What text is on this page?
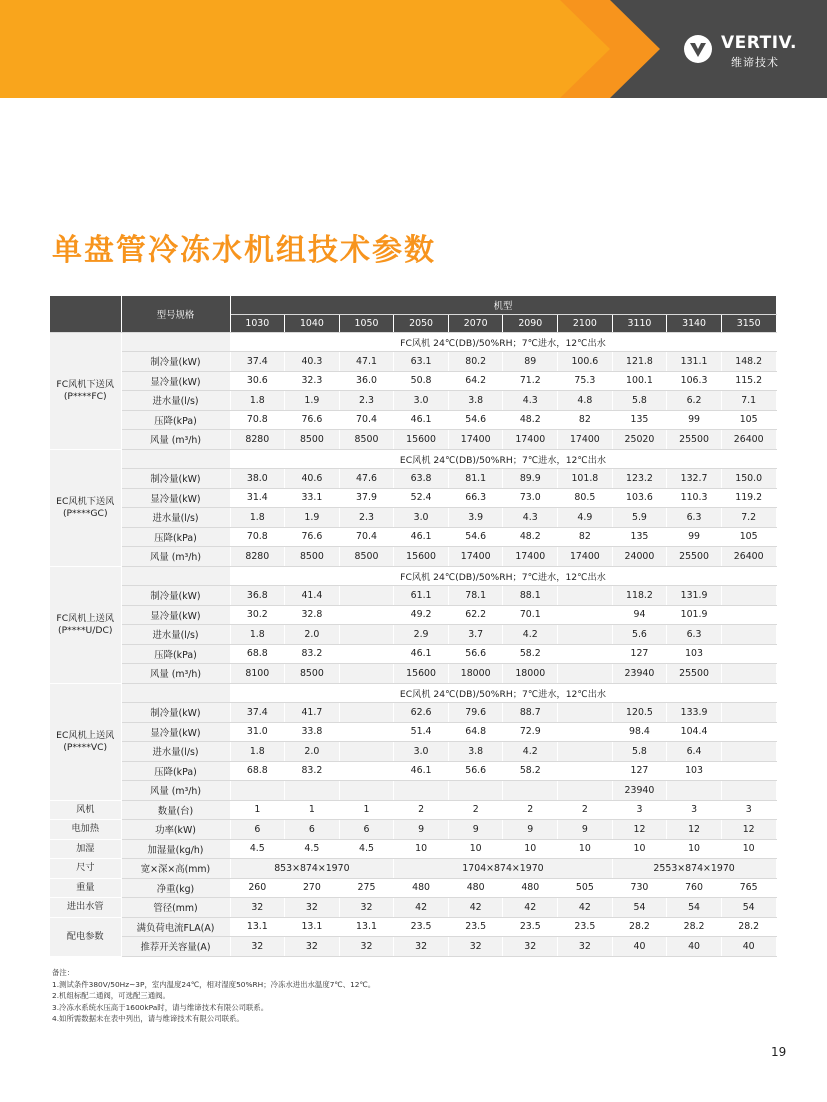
VERTIV.
维谛技术
单盘管冷冻水机组技术参数
	型号规格	机型									
		1030	1040	1050	2050	2070	2090	2100	3110	3140	3150
FC风机下送风(P****FC)		FC风机 24℃(DB)/50%RH；7℃进水，12℃出水									
	制冷量(kW)	37.4	40.3	47.1	63.1	80.2	89	100.6	121.8	131.1	148.2
	显冷量(kW)	30.6	32.3	36.0	50.8	64.2	71.2	75.3	100.1	106.3	115.2
	进水量(l/s)	1.8	1.9	2.3	3.0	3.8	4.3	4.8	5.8	6.2	7.1
	压降(kPa)	70.8	76.6	70.4	46.1	54.6	48.2	82	135	99	105
	风量 (m³/h)	8280	8500	8500	15600	17400	17400	17400	25020	25500	26400
EC风机下送风(P****GC)		EC风机 24℃(DB)/50%RH；7℃进水，12℃出水									
	制冷量(kW)	38.0	40.6	47.6	63.8	81.1	89.9	101.8	123.2	132.7	150.0
	显冷量(kW)	31.4	33.1	37.9	52.4	66.3	73.0	80.5	103.6	110.3	119.2
	进水量(l/s)	1.8	1.9	2.3	3.0	3.9	4.3	4.9	5.9	6.3	7.2
	压降(kPa)	70.8	76.6	70.4	46.1	54.6	48.2	82	135	99	105
	风量 (m³/h)	8280	8500	8500	15600	17400	17400	17400	24000	25500	26400
FC风机上送风(P****U/DC)		FC风机 24℃(DB)/50%RH；7℃进水，12℃出水									
	制冷量(kW)	36.8	41.4		61.1	78.1	88.1		118.2	131.9	
	显冷量(kW)	30.2	32.8		49.2	62.2	70.1		94	101.9	
	进水量(l/s)	1.8	2.0		2.9	3.7	4.2		5.6	6.3	
	压降(kPa)	68.8	83.2		46.1	56.6	58.2		127	103	
	风量 (m³/h)	8100	8500		15600	18000	18000		23940	25500	
EC风机上送风(P****VC)		EC风机 24℃(DB)/50%RH；7℃进水，12℃出水									
	制冷量(kW)	37.4	41.7		62.6	79.6	88.7		120.5	133.9	
	显冷量(kW)	31.0	33.8		51.4	64.8	72.9		98.4	104.4	
	进水量(l/s)	1.8	2.0		3.0	3.8	4.2		5.8	6.4	
	压降(kPa)	68.8	83.2		46.1	56.6	58.2		127	103	
	风量 (m³/h)								23940		
风机	数量(台)	1	1	1	2	2	2	2	3	3	3
电加热	功率(kW)	6	6	6	9	9	9	9	12	12	12
加湿	加湿量(kg/h)	4.5	4.5	4.5	10	10	10	10	10	10	10
尺寸	宽×深×高(mm)	853×874×1970			1704×874×1970				2553×874×1970		
重量	净重(kg)	260	270	275	480	480	480	505	730	760	765
进出水管	管径(mm)	32	32	32	42	42	42	42	54	54	54
配电参数	满负荷电流FLA(A)	13.1	13.1	13.1	23.5	23.5	23.5	23.5	28.2	28.2	28.2
	推荐开关容量(A)	32	32	32	32	32	32	32	40	40	40
备注：
1.测试条件380V/50Hz~3P，室内温度24℃，相对湿度50%RH；冷冻水进出水温度7℃、12℃。
2.机组标配二通阀，可选配三通阀。
3.冷冻水系统水压高于1600kPa时，请与维谛技术有限公司联系。
4.如所需数据未在表中列出，请与维谛技术有限公司联系。
19
